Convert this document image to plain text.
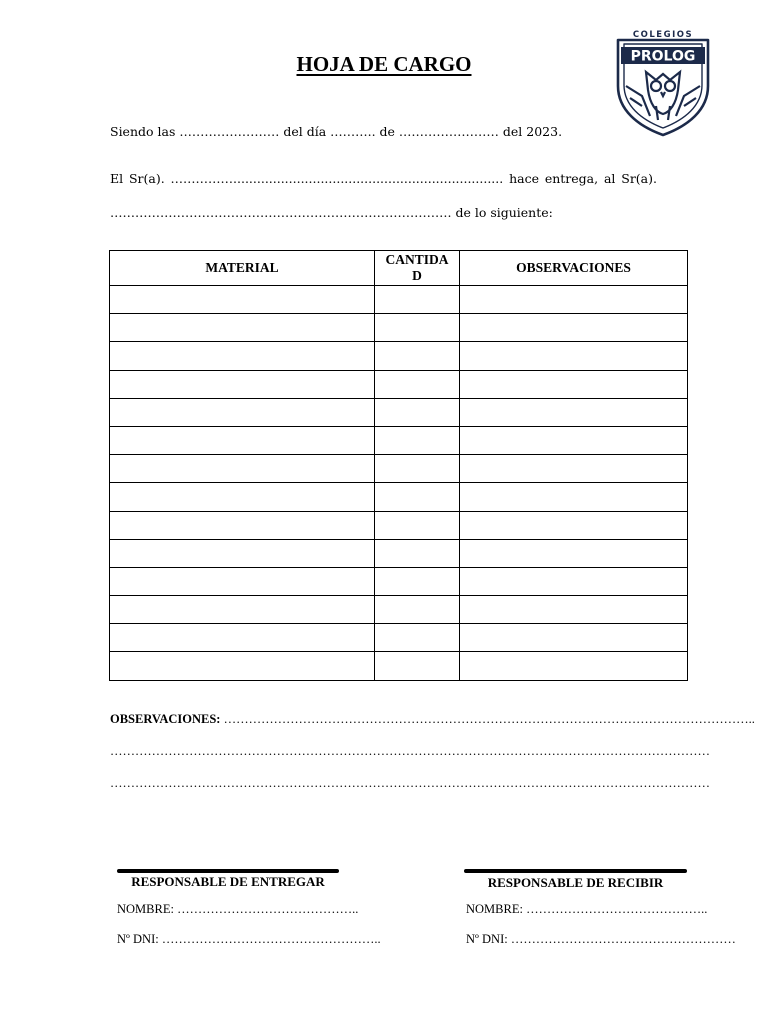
HOJA DE CARGO
COLEGIOS
PROLOG
Siendo las …………………… del día ……….. de …………………… del 2023.
El Sr(a). …………….................................................................... hace entrega, al Sr(a).
………………………………………………………………………. de lo siguiente:
MATERIAL	CANTIDAD	OBSERVACIONES

OBSERVACIONES: ………………………………………………………………………………………………………………..
………………………………………………………………………………………………………………………………
………………………………………………………………………………………………………………………………
RESPONSABLE DE ENTREGAR
NOMBRE: ……………………………………..
Nº DNI: ……………………………………………..
RESPONSABLE DE RECIBIR
NOMBRE: ……………………………………..
Nº DNI: ………………………………………………
